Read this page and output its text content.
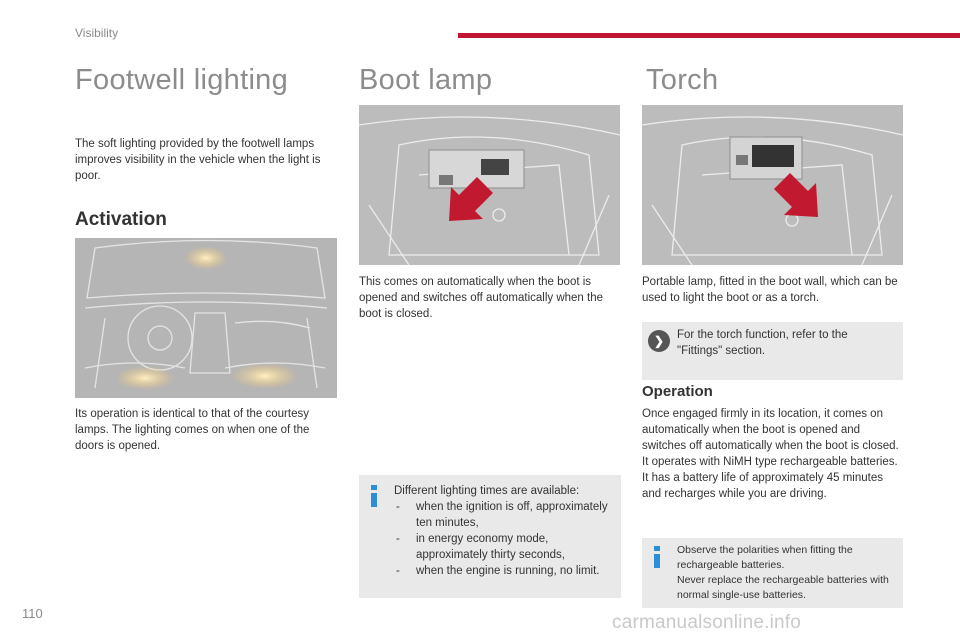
Visibility
Footwell lighting
The soft lighting provided by the footwell lamps improves visibility in the vehicle when the light is poor.
Activation
Its operation is identical to that of the courtesy lamps. The lighting comes on when one of the doors is opened.
Boot lamp
This comes on automatically when the boot is opened and switches off automatically when the boot is closed.
Different lighting times are available:
- when the ignition is off, approximately ten minutes,
- in energy economy mode, approximately thirty seconds,
- when the engine is running, no limit.
Torch
Portable lamp, fitted in the boot wall, which can be used to light the boot or as a torch.
❯	For the torch function, refer to the "Fittings" section.
Operation
Once engaged firmly in its location, it comes on automatically when the boot is opened and switches off automatically when the boot is closed.
It operates with NiMH type rechargeable batteries.
It has a battery life of approximately 45 minutes and recharges while you are driving.
Observe the polarities when fitting the rechargeable batteries.
Never replace the rechargeable batteries with normal single-use batteries.
110	carmanualsonline.info
